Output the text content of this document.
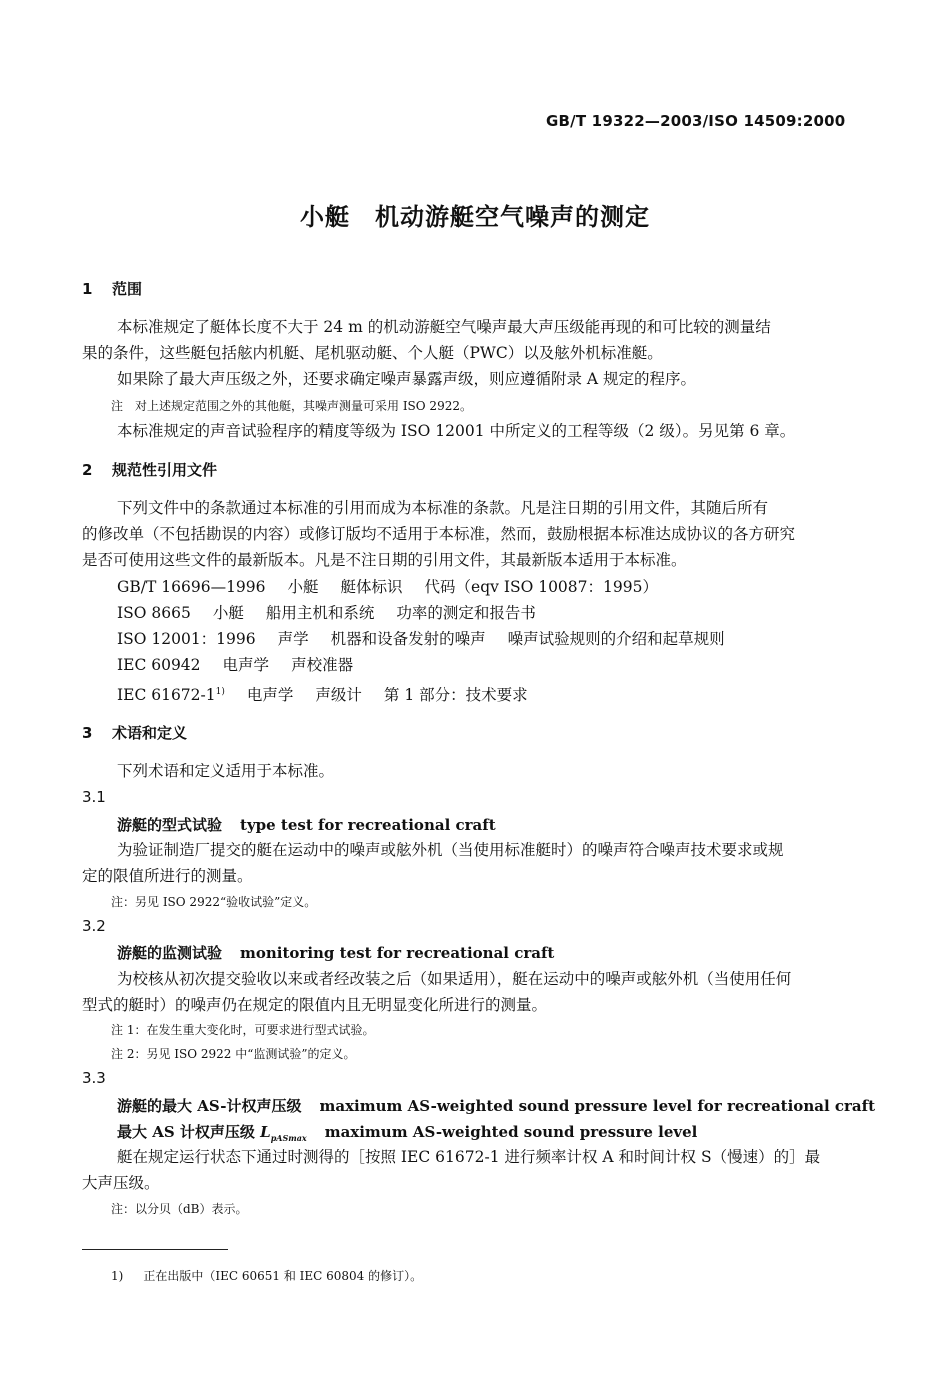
GB/T 19322—2003/ISO 14509:2000
小艇　机动游艇空气噪声的测定
1 范围
本标准规定了艇体长度不大于 24 m 的机动游艇空气噪声最大声压级能再现的和可比较的测量结
果的条件，这些艇包括舷内机艇、尾机驱动艇、个人艇（PWC）以及舷外机标准艇。
如果除了最大声压级之外，还要求确定噪声暴露声级，则应遵循附录 A 规定的程序。
注　对上述规定范围之外的其他艇，其噪声测量可采用 ISO 2922。
本标准规定的声音试验程序的精度等级为 ISO 12001 中所定义的工程等级（2 级）。另见第 6 章。
2 规范性引用文件
下列文件中的条款通过本标准的引用而成为本标准的条款。凡是注日期的引用文件，其随后所有
的修改单（不包括勘误的内容）或修订版均不适用于本标准，然而，鼓励根据本标准达成协议的各方研究
是否可使用这些文件的最新版本。凡是不注日期的引用文件，其最新版本适用于本标准。
GB/T 16696—1996 小艇 艇体标识 代码（eqv ISO 10087：1995）
ISO 8665 小艇 船用主机和系统 功率的测定和报告书
ISO 12001：1996 声学 机器和设备发射的噪声 噪声试验规则的介绍和起草规则
IEC 60942 电声学 声校准器
IEC 61672-1$^{1)}$ 电声学 声级计 第 1 部分：技术要求
3 术语和定义
下列术语和定义适用于本标准。
3.1
游艇的型式试验 type test for recreational craft
为验证制造厂提交的艇在运动中的噪声或舷外机（当使用标准艇时）的噪声符合噪声技术要求或规
定的限值所进行的测量。
注：另见 ISO 2922“验收试验”定义。
3.2
游艇的监测试验 monitoring test for recreational craft
为校核从初次提交验收以来或者经改装之后（如果适用），艇在运动中的噪声或舷外机（当使用任何
型式的艇时）的噪声仍在规定的限值内且无明显变化所进行的测量。
注 1：在发生重大变化时，可要求进行型式试验。
注 2：另见 ISO 2922 中“监测试验”的定义。
3.3
游艇的最大 AS-计权声压级 maximum AS-weighted sound pressure level for recreational craft
最大 AS 计权声压级 $L_{pASmax}$ maximum AS-weighted sound pressure level
艇在规定运行状态下通过时测得的［按照 IEC 61672-1 进行频率计权 A 和时间计权 S（慢速）的］最
大声压级。
注：以分贝（dB）表示。
1) 正在出版中（IEC 60651 和 IEC 60804 的修订）。
